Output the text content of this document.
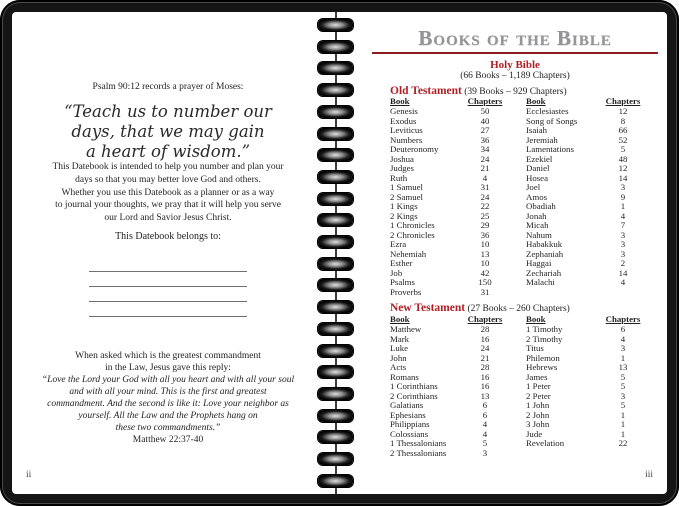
Psalm 90:12 records a prayer of Moses:
“Teach us to number our
days, that we may gain
a heart of wisdom.”
This Datebook is intended to help you number and plan your
days so that you may better love God and others.
Whether you use this Datebook as a planner or as a way
to journal your thoughts, we pray that it will help you serve
our Lord and Savior Jesus Christ.
This Datebook belongs to:
When asked which is the greatest commandment
in the Law, Jesus gave this reply:
“Love the Lord your God with all you heart and with all your soul
and with all your mind. This is the first and greatest
commandment. And the second is like it: Love your neighbor as
yourself. All the Law and the Prophets hang on
these two commandments.”
Matthew 22:37-40
Books of the Bible
Holy Bible
(66 Books – 1,189 Chapters)
Old Testament (39 Books – 929 Chapters)
Book	Chapters
Genesis	50
Exodus	40
Leviticus	27
Numbers	36
Deuteronomy	34
Joshua	24
Judges	21
Ruth	4
1 Samuel	31
2 Samuel	24
1 Kings	22
2 Kings	25
1 Chronicles	29
2 Chronicles	36
Ezra	10
Nehemiah	13
Esther	10
Job	42
Psalms	150
Proverbs	31
Book	Chapters
Ecclesiastes	12
Song of Songs	8
Isaiah	66
Jeremiah	52
Lamentations	5
Ezekiel	48
Daniel	12
Hosea	14
Joel	3
Amos	9
Obadiah	1
Jonah	4
Micah	7
Nahum	3
Habakkuk	3
Zephaniah	3
Haggai	2
Zechariah	14
Malachi	4
New Testament (27 Books – 260 Chapters)
Book	Chapters
Matthew	28
Mark	16
Luke	24
John	21
Acts	28
Romans	16
1 Corinthians	16
2 Corinthians	13
Galatians	6
Ephesians	6
Philippians	4
Colossians	4
1 Thessalonians	5
2 Thessalonians	3
Book	Chapters
1 Timothy	6
2 Timothy	4
Titus	3
Philemon	1
Hebrews	13
James	5
1 Peter	5
2 Peter	3
1 John	5
2 John	1
3 John	1
Jude	1
Revelation	22
ii	iii
